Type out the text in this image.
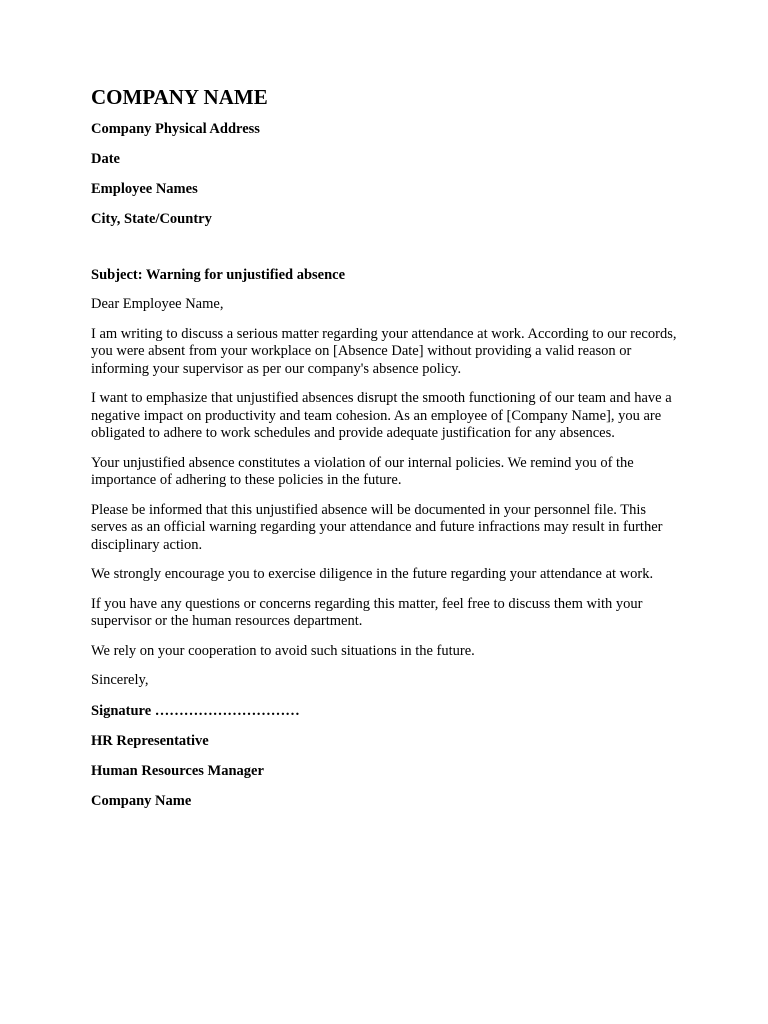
COMPANY NAME
Company Physical Address
Date
Employee Names
City, State/Country
Subject: Warning for unjustified absence
Dear Employee Name,
I am writing to discuss a serious matter regarding your attendance at work. According to our records, you were absent from your workplace on [Absence Date] without providing a valid reason or informing your supervisor as per our company's absence policy.
I want to emphasize that unjustified absences disrupt the smooth functioning of our team and have a negative impact on productivity and team cohesion. As an employee of [Company Name], you are obligated to adhere to work schedules and provide adequate justification for any absences.
Your unjustified absence constitutes a violation of our internal policies. We remind you of the importance of adhering to these policies in the future.
Please be informed that this unjustified absence will be documented in your personnel file. This serves as an official warning regarding your attendance and future infractions may result in further disciplinary action.
We strongly encourage you to exercise diligence in the future regarding your attendance at work.
If you have any questions or concerns regarding this matter, feel free to discuss them with your supervisor or the human resources department.
We rely on your cooperation to avoid such situations in the future.
Sincerely,
Signature …………………………
HR Representative
Human Resources Manager
Company Name
